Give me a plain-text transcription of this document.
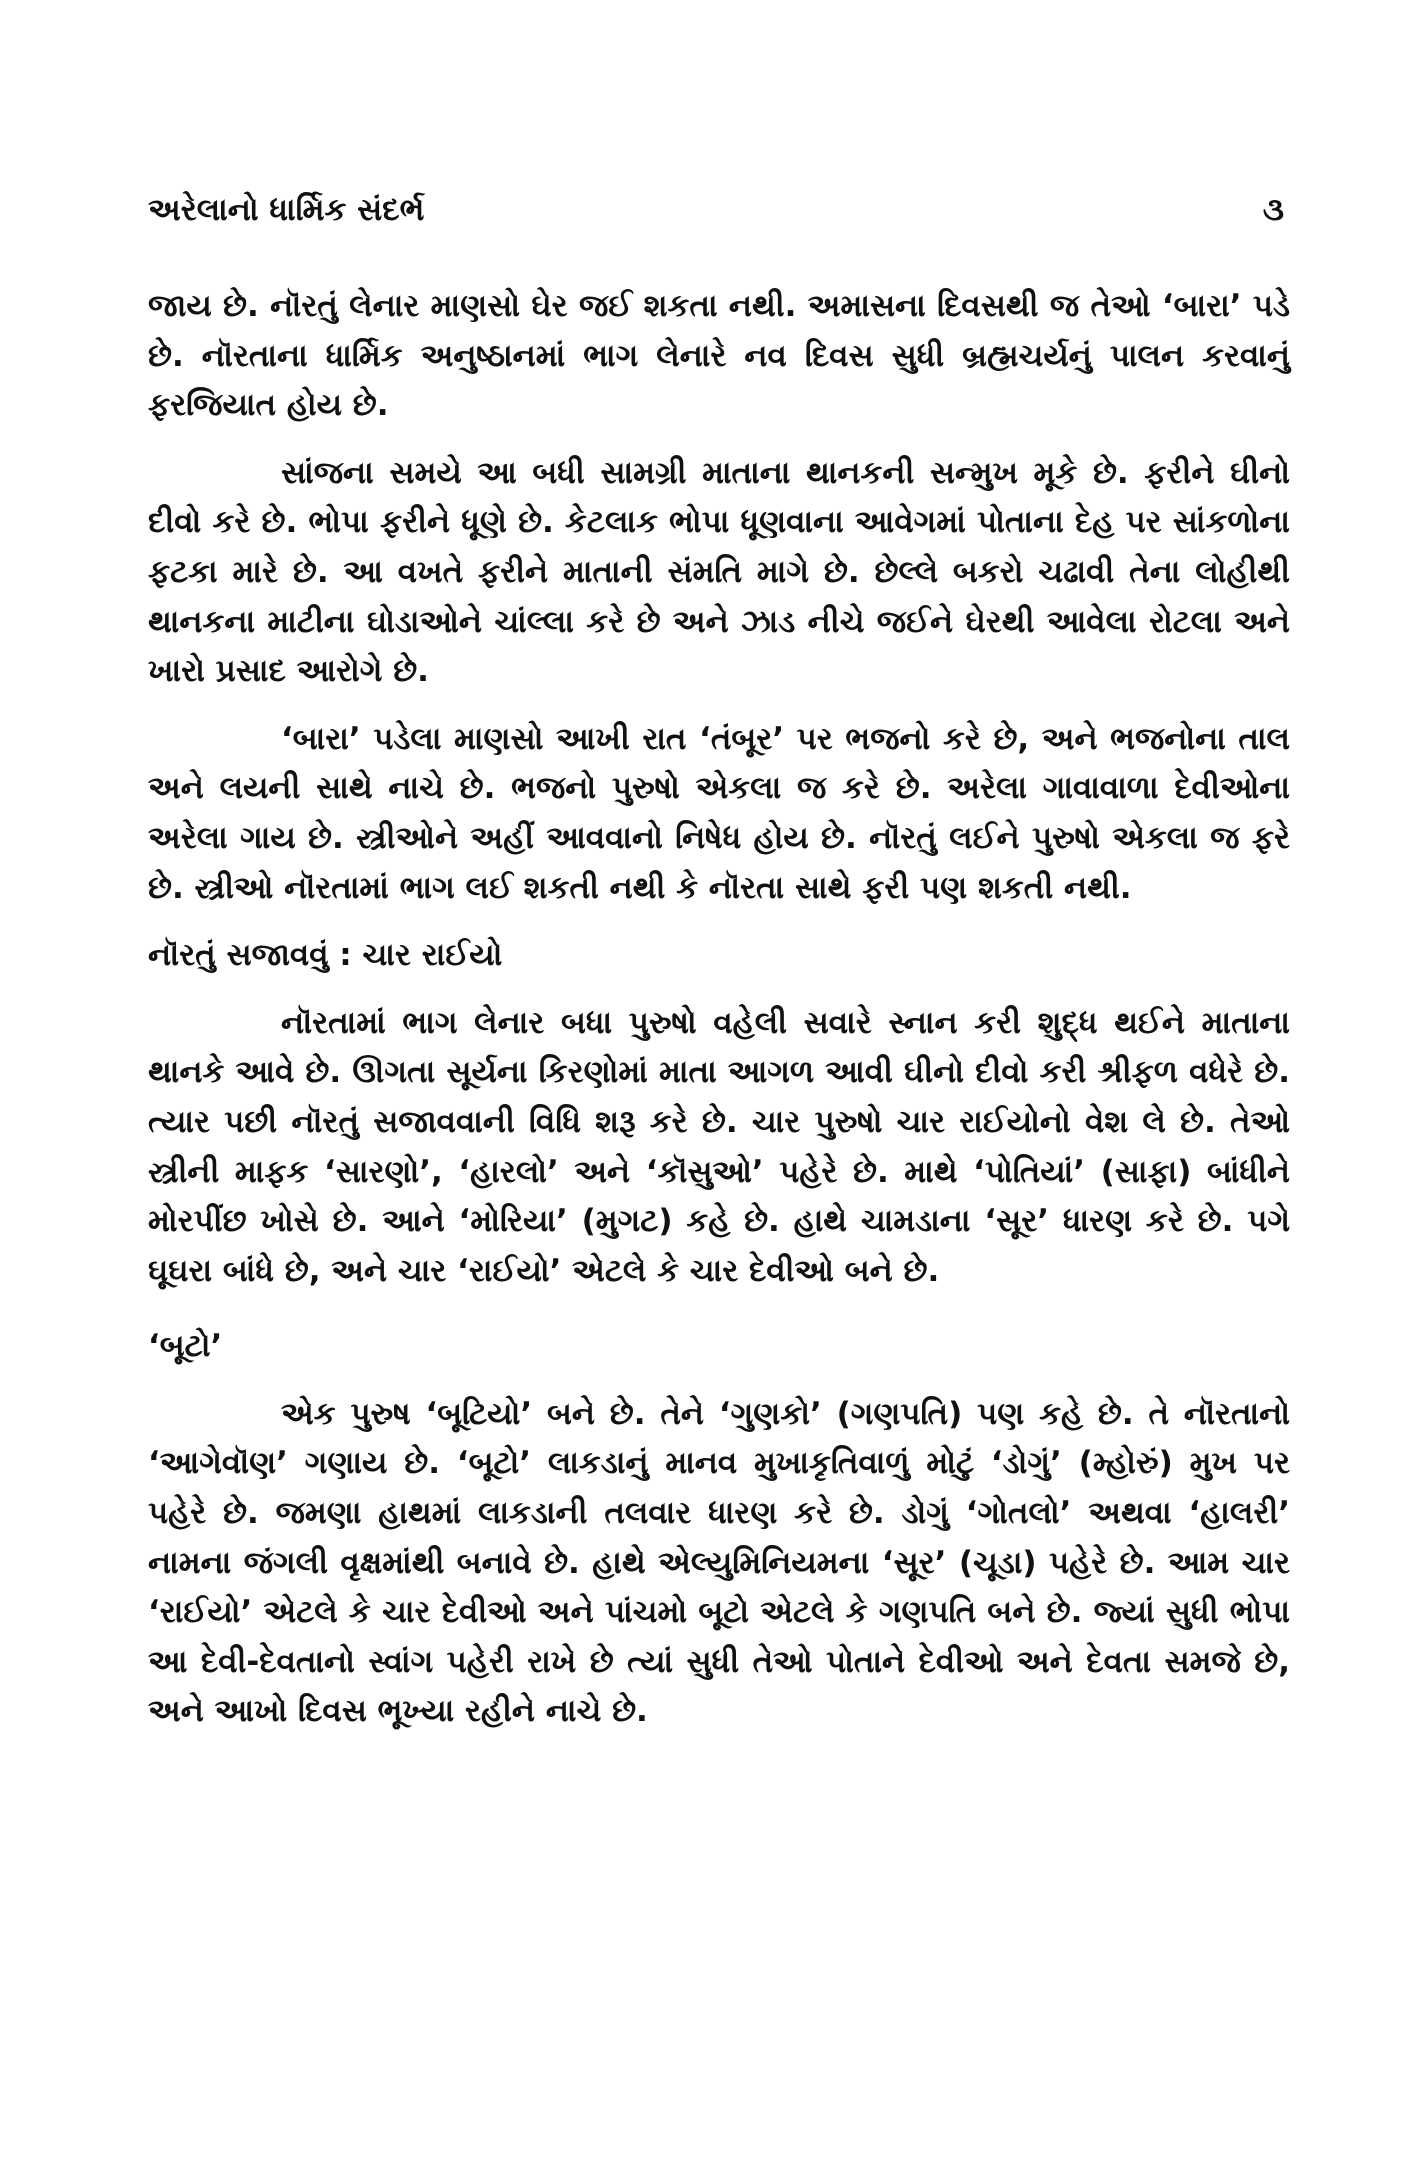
અરેલાનો ધાર્મિક સંદર્ભ	૩

જાય છે. નૉરતું લેનાર માણસો ઘેર જઈ શકતા નથી. અમાસના દિવસથી જ તેઓ ‘બારા’ પડે છે. નૉરતાના ધાર્મિક અનુષ્ઠાનમાં ભાગ લેનારે નવ દિવસ સુધી બ્રહ્મચર્યનું પાલન કરવાનું ફરજિયાત હોય છે.

સાંજના સમયે આ બધી સામગ્રી માતાના થાનકની સન્મુખ મૂકે છે. ફરીને ઘીનો દીવો કરે છે. ભોપા ફરીને ધૂણે છે. કેટલાક ભોપા ધૂણવાના આવેગમાં પોતાના દેહ પર સાંકળોના ફટકા મારે છે. આ વખતે ફરીને માતાની સંમતિ માગે છે. છેલ્લે બકરો ચઢાવી તેના લોહીથી થાનકના માટીના ઘોડાઓને ચાંલ્લા કરે છે અને ઝાડ નીચે જઈને ઘેરથી આવેલા રોટલા અને ખારો પ્રસાદ આરોગે છે.

‘બારા’ પડેલા માણસો આખી રાત ‘તંબૂર’ પર ભજનો કરે છે, અને ભજનોના તાલ અને લયની સાથે નાચે છે. ભજનો પુરુષો એકલા જ કરે છે. અરેલા ગાવાવાળા દેવીઓના અરેલા ગાય છે. સ્ત્રીઓને અહીં આવવાનો નિષેધ હોય છે. નૉરતું લઈને પુરુષો એકલા જ ફરે છે. સ્ત્રીઓ નૉરતામાં ભાગ લઈ શકતી નથી કે નૉરતા સાથે ફરી પણ શકતી નથી.

નૉરતું સજાવવું : ચાર રાઈયો

નૉરતામાં ભાગ લેનાર બધા પુરુષો વહેલી સવારે સ્નાન કરી શુદ્ધ થઈને માતાના થાનકે આવે છે. ઊગતા સૂર્યના કિરણોમાં માતા આગળ આવી ઘીનો દીવો કરી શ્રીફળ વધેરે છે. ત્યાર પછી નૉરતું સજાવવાની વિધિ શરૂ કરે છે. ચાર પુરુષો ચાર રાઈયોનો વેશ લે છે. તેઓ સ્ત્રીની માફક ‘સારણો’, ‘હારલો’ અને ‘કૉસુઓ’ પહેરે છે. માથે ‘પોતિયાં’ (સાફા) બાંધીને મોરપીંછ ખોસે છે. આને ‘મોરિયા’ (મુગટ) કહે છે. હાથે ચામડાના ‘સૂર’ ધારણ કરે છે. પગે ઘૂઘરા બાંધે છે, અને ચાર ‘રાઈયો’ એટલે કે ચાર દેવીઓ બને છે.

‘બૂટો’

એક પુરુષ ‘બૂટિયો’ બને છે. તેને ‘ગુણકો’ (ગણપતિ) પણ કહે છે. તે નૉરતાનો ‘આગેવૉણ’ ગણાય છે. ‘બૂટો’ લાકડાનું માનવ મુખાકૃતિવાળું મોટું ‘ડોગું’ (મ્હોરું) મુખ પર પહેરે છે. જમણા હાથમાં લાકડાની તલવાર ધારણ કરે છે. ડોગું ‘ગોતલો’ અથવા ‘હાલરી’ નામના જંગલી વૃક્ષમાંથી બનાવે છે. હાથે એલ્યુમિનિયમના ‘સૂર’ (ચૂડા) પહેરે છે. આમ ચાર ‘રાઈયો’ એટલે કે ચાર દેવીઓ અને પાંચમો બૂટો એટલે કે ગણપતિ બને છે. જ્યાં સુધી ભોપા આ દેવી-દેવતાનો સ્વાંગ પહેરી રાખે છે ત્યાં સુધી તેઓ પોતાને દેવીઓ અને દેવતા સમજે છે, અને આખો દિવસ ભૂખ્યા રહીને નાચે છે.
